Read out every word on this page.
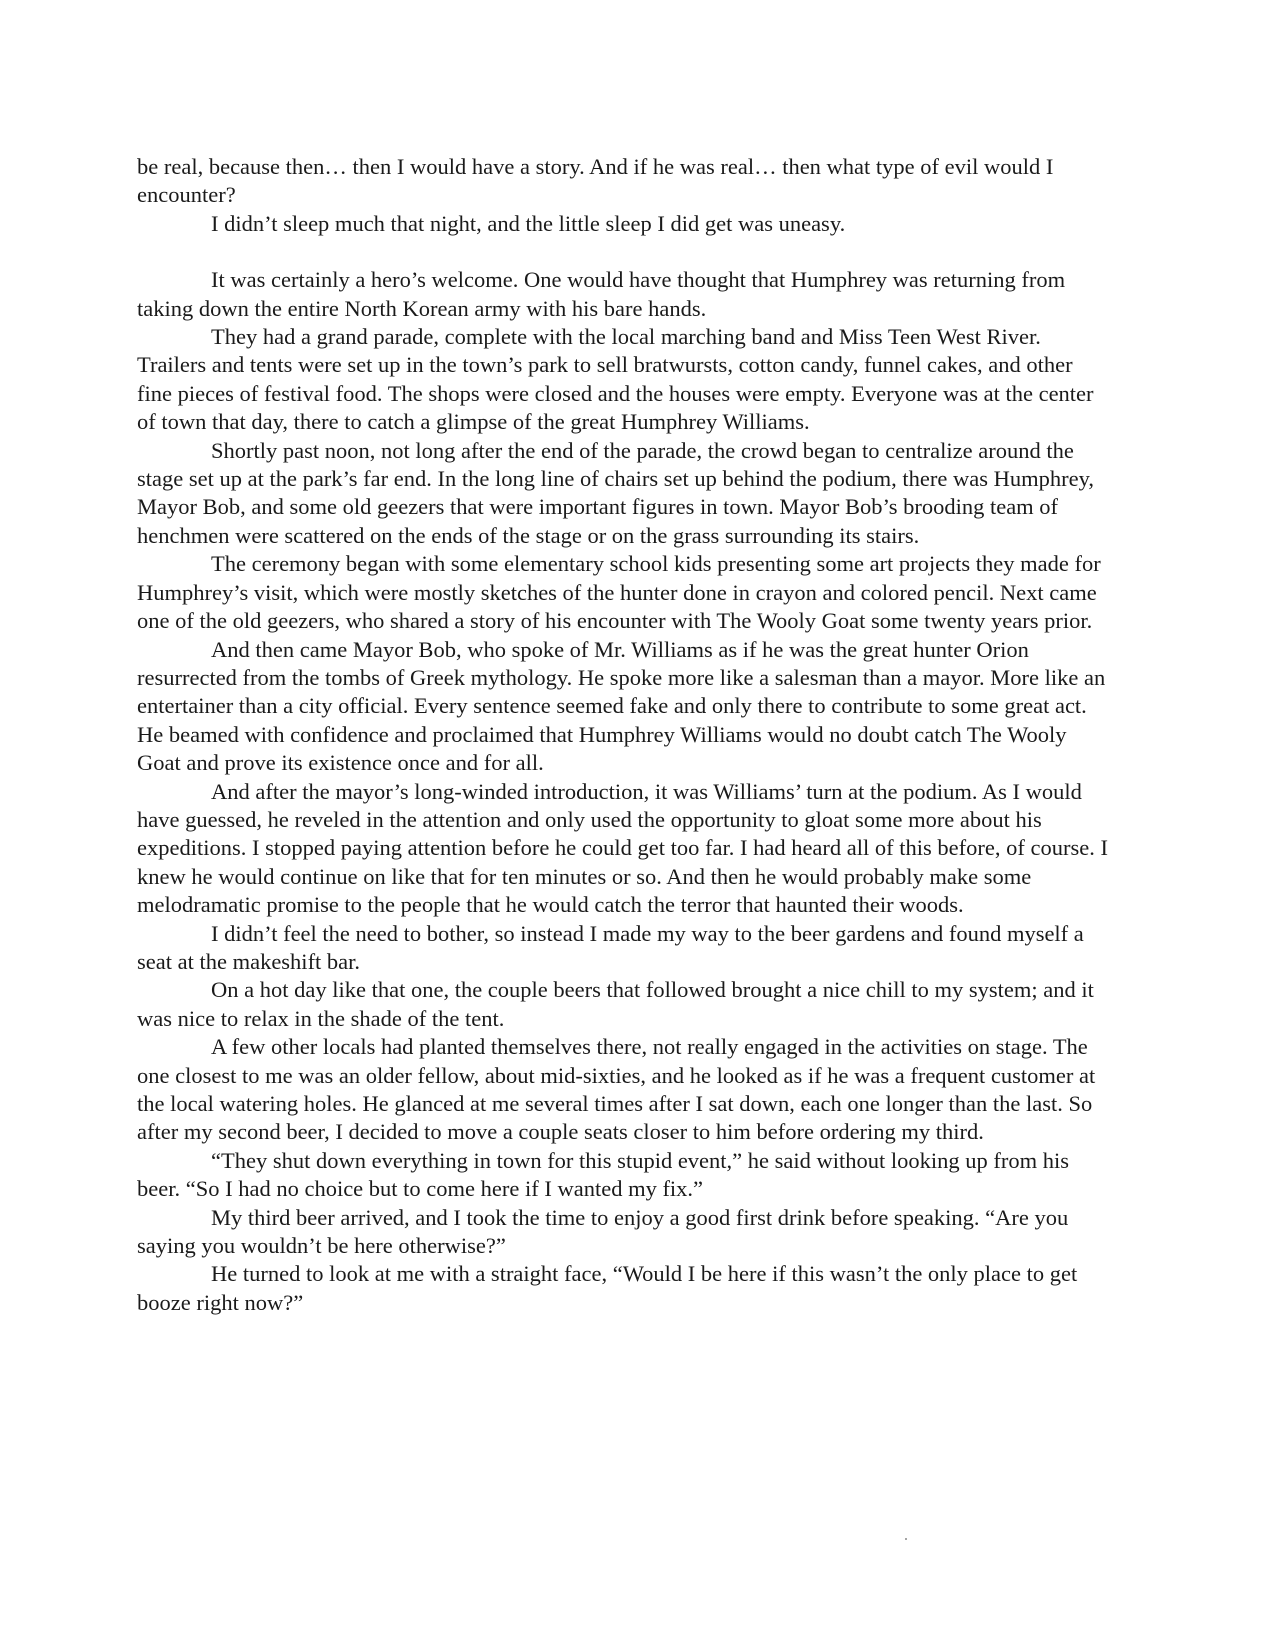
be real, because then… then I would have a story. And if he was real… then what type of evil would I encounter?

I didn’t sleep much that night, and the little sleep I did get was uneasy.

It was certainly a hero’s welcome. One would have thought that Humphrey was returning from taking down the entire North Korean army with his bare hands.

They had a grand parade, complete with the local marching band and Miss Teen West River. Trailers and tents were set up in the town’s park to sell bratwursts, cotton candy, funnel cakes, and other fine pieces of festival food. The shops were closed and the houses were empty. Everyone was at the center of town that day, there to catch a glimpse of the great Humphrey Williams.

Shortly past noon, not long after the end of the parade, the crowd began to centralize around the stage set up at the park’s far end. In the long line of chairs set up behind the podium, there was Humphrey, Mayor Bob, and some old geezers that were important figures in town. Mayor Bob’s brooding team of henchmen were scattered on the ends of the stage or on the grass surrounding its stairs.

The ceremony began with some elementary school kids presenting some art projects they made for Humphrey’s visit, which were mostly sketches of the hunter done in crayon and colored pencil. Next came one of the old geezers, who shared a story of his encounter with The Wooly Goat some twenty years prior.

And then came Mayor Bob, who spoke of Mr. Williams as if he was the great hunter Orion resurrected from the tombs of Greek mythology. He spoke more like a salesman than a mayor. More like an entertainer than a city official. Every sentence seemed fake and only there to contribute to some great act. He beamed with confidence and proclaimed that Humphrey Williams would no doubt catch The Wooly Goat and prove its existence once and for all.

And after the mayor’s long-winded introduction, it was Williams’ turn at the podium. As I would have guessed, he reveled in the attention and only used the opportunity to gloat some more about his expeditions. I stopped paying attention before he could get too far. I had heard all of this before, of course. I knew he would continue on like that for ten minutes or so. And then he would probably make some melodramatic promise to the people that he would catch the terror that haunted their woods.

I didn’t feel the need to bother, so instead I made my way to the beer gardens and found myself a seat at the makeshift bar.

On a hot day like that one, the couple beers that followed brought a nice chill to my system; and it was nice to relax in the shade of the tent.

A few other locals had planted themselves there, not really engaged in the activities on stage. The one closest to me was an older fellow, about mid-sixties, and he looked as if he was a frequent customer at the local watering holes. He glanced at me several times after I sat down, each one longer than the last. So after my second beer, I decided to move a couple seats closer to him before ordering my third.

“They shut down everything in town for this stupid event,” he said without looking up from his beer. “So I had no choice but to come here if I wanted my fix.”

My third beer arrived, and I took the time to enjoy a good first drink before speaking. “Are you saying you wouldn’t be here otherwise?”

He turned to look at me with a straight face, “Would I be here if this wasn’t the only place to get booze right now?”
